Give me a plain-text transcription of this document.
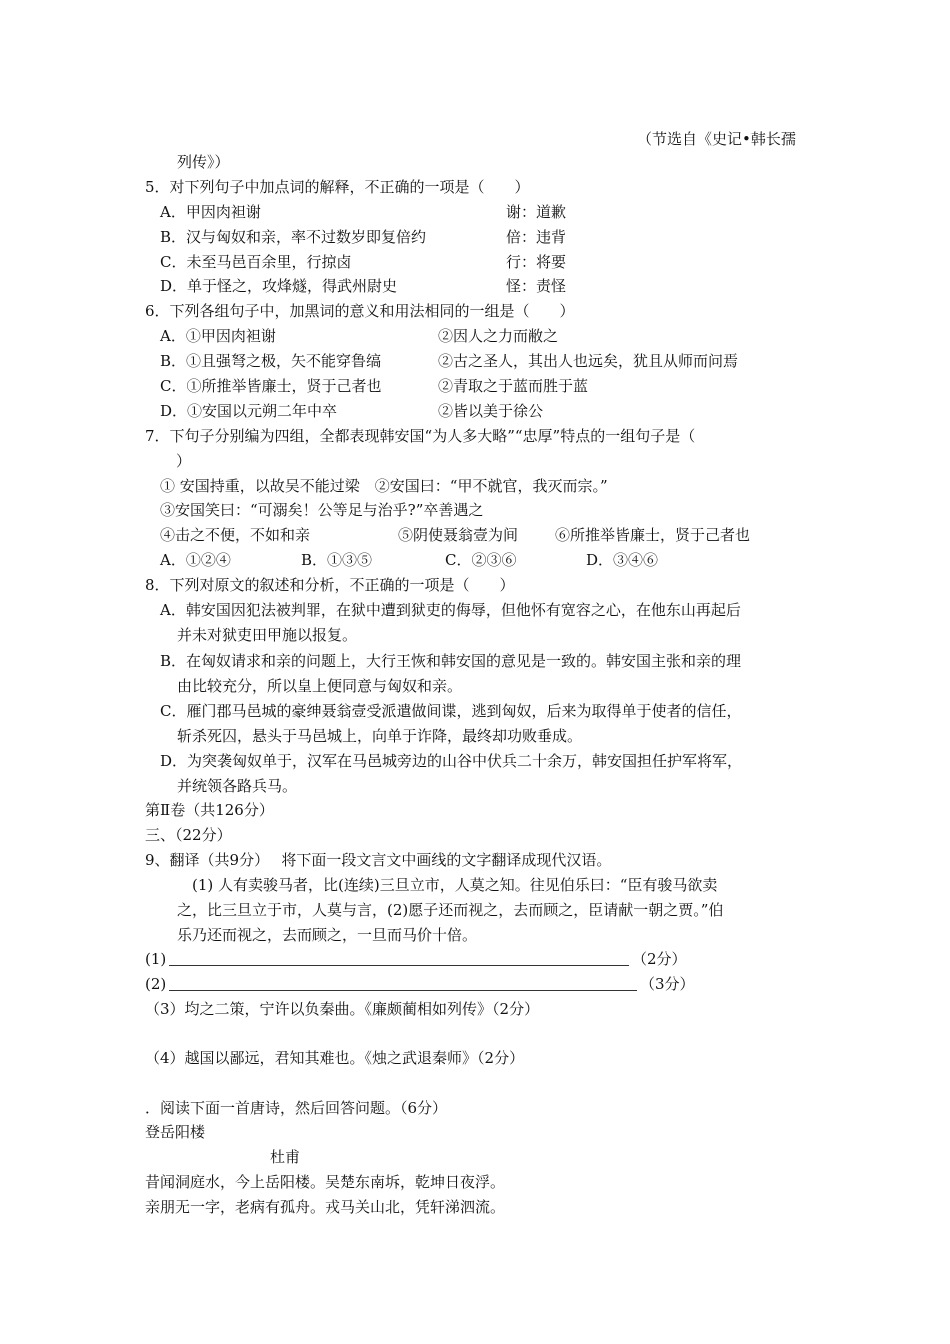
（节选自《史记•韩长孺
列传》）
5．对下列句子中加点词的解释，不正确的一项是（　　）
A．甲因肉袒谢	谢：道歉
B．汉与匈奴和亲，率不过数岁即复倍约	倍：违背
C．未至马邑百余里，行掠卤	行：将要
D．单于怪之，攻烽燧，得武州尉史	怪：责怪
6．下列各组句子中，加黑词的意义和用法相同的一组是（　　）
A．①甲因肉袒谢	②因人之力而敝之
B．①且强弩之极，矢不能穿鲁缟	②古之圣人，其出人也远矣，犹且从师而问焉
C．①所推举皆廉士，贤于己者也	②青取之于蓝而胜于蓝
D．①安国以元朔二年中卒	②皆以美于徐公
7．下句子分别编为四组，全都表现韩安国“为人多大略”“忠厚”特点的一组句子是（
）
① 安国持重，以故吴不能过梁　②安国曰：“甲不就官，我灭而宗。”
③安国笑曰：“可溺矣！公等足与治乎?”卒善遇之
④击之不便，不如和亲	⑤阴使聂翁壹为间 ⑥所推举皆廉士，贤于己者也
A．①②④	B．①③⑤	C．②③⑥	D．③④⑥
8．下列对原文的叙述和分析，不正确的一项是（　　）
A．韩安国因犯法被判罪，在狱中遭到狱吏的侮辱，但他怀有宽容之心，在他东山再起后
并未对狱吏田甲施以报复。
B．在匈奴请求和亲的问题上，大行王恢和韩安国的意见是一致的。韩安国主张和亲的理
由比较充分，所以皇上便同意与匈奴和亲。
C．雁门郡马邑城的豪绅聂翁壹受派遣做间谍，逃到匈奴，后来为取得单于使者的信任，
斩杀死囚，悬头于马邑城上，向单于诈降，最终却功败垂成。
D．为突袭匈奴单于，汉军在马邑城旁边的山谷中伏兵二十余万，韩安国担任护军将军，
并统领各路兵马。
第Ⅱ卷（共126分）
三、（22分）
9、翻译（共9分）　 将下面一段文言文中画线的文字翻译成现代汉语。
(1) 人有卖骏马者，比(连续)三旦立市，人莫之知。往见伯乐曰：“臣有骏马欲卖
之，比三旦立于市，人莫与言，(2)愿子还而视之，去而顾之，臣请献一朝之贾。”伯
乐乃还而视之，去而顾之，一旦而马价十倍。
(1)	（2分）
(2)	（3分）
（3）均之二策，宁许以负秦曲。《廉颇蔺相如列传》（2分）
（4）越国以鄙远，君知其难也。《烛之武退秦师》（2分）
．阅读下面一首唐诗，然后回答问题。（6分）
登岳阳楼
杜甫
昔闻洞庭水，今上岳阳楼。吴楚东南坼，乾坤日夜浮。
亲朋无一字，老病有孤舟。戎马关山北，凭轩涕泗流。
